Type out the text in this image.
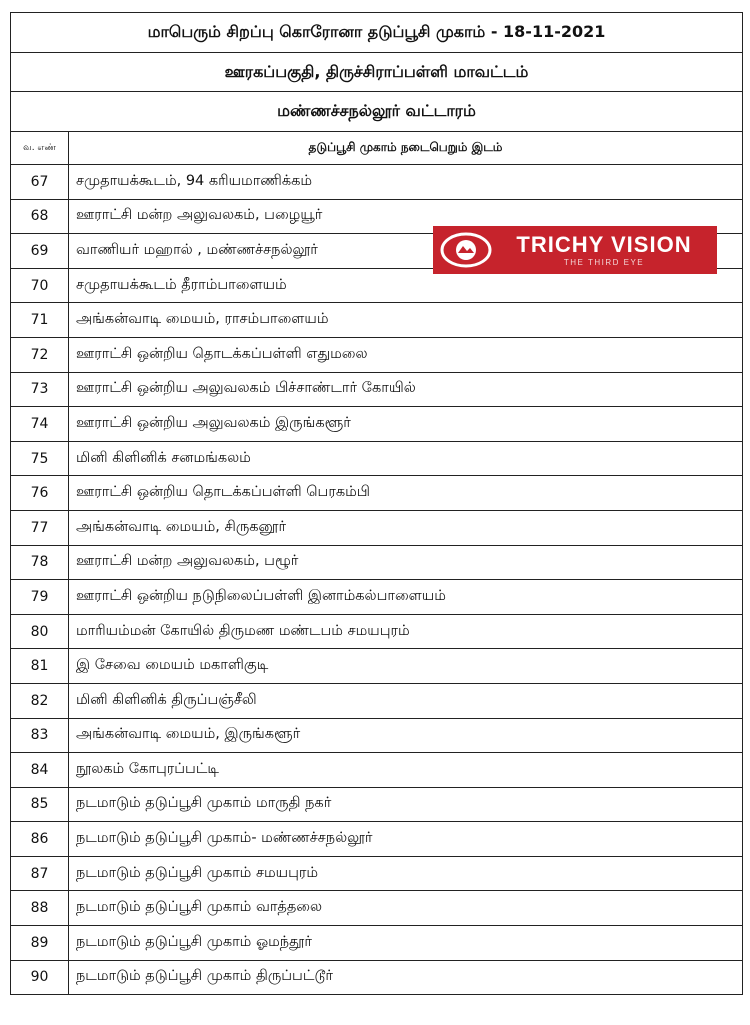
மாபெரும் சிறப்பு கொரோனா தடுப்பூசி முகாம் - 18-11-2021	
ஊரகப்பகுதி, திருச்சிராப்பள்ளி மாவட்டம்	
மண்ணச்சநல்லூர் வட்டாரம்	
வ. எண்	தடுப்பூசி முகாம் நடைபெறும் இடம்
67	சமுதாயக்கூடம், 94 கரியமாணிக்கம்
68	ஊராட்சி மன்ற அலுவலகம், பழையூர்
69	வாணியர் மஹால் , மண்ணச்சநல்லூர்
70	சமுதாயக்கூடம் தீராம்பாளையம்
71	அங்கன்வாடி மையம், ராசம்பாளையம்
72	ஊராட்சி ஒன்றிய தொடக்கப்பள்ளி எதுமலை
73	ஊராட்சி ஒன்றிய அலுவலகம் பிச்சாண்டார் கோயில்
74	ஊராட்சி ஒன்றிய அலுவலகம் இருங்களூர்
75	மினி கிளினிக் சனமங்கலம்
76	ஊராட்சி ஒன்றிய தொடக்கப்பள்ளி பெரகம்பி
77	அங்கன்வாடி மையம், சிருகனூர்
78	ஊராட்சி மன்ற அலுவலகம், பழூர்
79	ஊராட்சி ஒன்றிய நடுநிலைப்பள்ளி இனாம்கல்பாளையம்
80	மாரியம்மன் கோயில் திருமண மண்டபம் சமயபுரம்
81	இ சேவை மையம் மகாளிகுடி
82	மினி கிளினிக் திருப்பஞ்சீலி
83	அங்கன்வாடி மையம், இருங்களூர்
84	நூலகம் கோபுரப்பட்டி
85	நடமாடும் தடுப்பூசி முகாம் மாருதி நகர்
86	நடமாடும் தடுப்பூசி முகாம்- மண்ணச்சநல்லூர்
87	நடமாடும் தடுப்பூசி முகாம் சமயபுரம்
88	நடமாடும் தடுப்பூசி முகாம் வாத்தலை
89	நடமாடும் தடுப்பூசி முகாம் ஓமந்தூர்
90	நடமாடும் தடுப்பூசி முகாம் திருப்பட்டூர்
TRICHY VISION
THE THIRD EYE
